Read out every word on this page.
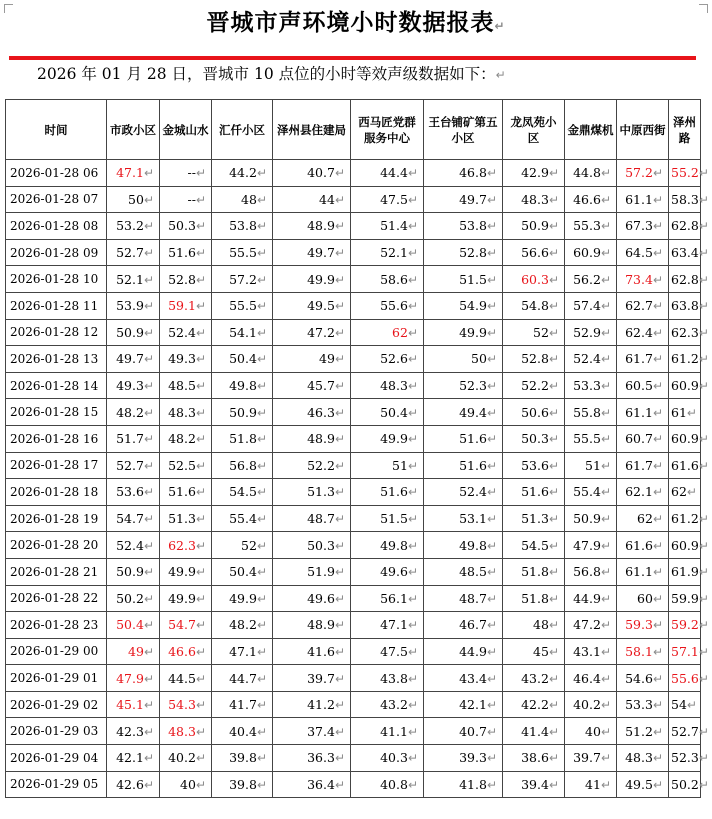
晋城市声环境小时数据报表↵
2026 年 01 月 28 日，晋城市 10 点位的小时等效声级数据如下：↵
时间	市政小区	金城山水	汇仟小区	泽州县住建局	西马匠党群服务中心	王台铺矿第五小区	龙凤苑小区	金鼎煤机	中原西街	泽州路
2026-01-28 06	47.1↵	--↵	44.2↵	40.7↵	44.4↵	46.8↵	42.9↵	44.8↵	57.2↵	55.2↵
2026-01-28 07	50↵	--↵	48↵	44↵	47.5↵	49.7↵	48.3↵	46.6↵	61.1↵	58.3↵
2026-01-28 08	53.2↵	50.3↵	53.8↵	48.9↵	51.4↵	53.8↵	50.9↵	55.3↵	67.3↵	62.8↵
2026-01-28 09	52.7↵	51.6↵	55.5↵	49.7↵	52.1↵	52.8↵	56.6↵	60.9↵	64.5↵	63.4↵
2026-01-28 10	52.1↵	52.8↵	57.2↵	49.9↵	58.6↵	51.5↵	60.3↵	56.2↵	73.4↵	62.8↵
2026-01-28 11	53.9↵	59.1↵	55.5↵	49.5↵	55.6↵	54.9↵	54.8↵	57.4↵	62.7↵	63.8↵
2026-01-28 12	50.9↵	52.4↵	54.1↵	47.2↵	62↵	49.9↵	52↵	52.9↵	62.4↵	62.3↵
2026-01-28 13	49.7↵	49.3↵	50.4↵	49↵	52.6↵	50↵	52.8↵	52.4↵	61.7↵	61.2↵
2026-01-28 14	49.3↵	48.5↵	49.8↵	45.7↵	48.3↵	52.3↵	52.2↵	53.3↵	60.5↵	60.9↵
2026-01-28 15	48.2↵	48.3↵	50.9↵	46.3↵	50.4↵	49.4↵	50.6↵	55.8↵	61.1↵	61↵
2026-01-28 16	51.7↵	48.2↵	51.8↵	48.9↵	49.9↵	51.6↵	50.3↵	55.5↵	60.7↵	60.9↵
2026-01-28 17	52.7↵	52.5↵	56.8↵	52.2↵	51↵	51.6↵	53.6↵	51↵	61.7↵	61.6↵
2026-01-28 18	53.6↵	51.6↵	54.5↵	51.3↵	51.6↵	52.4↵	51.6↵	55.4↵	62.1↵	62↵
2026-01-28 19	54.7↵	51.3↵	55.4↵	48.7↵	51.5↵	53.1↵	51.3↵	50.9↵	62↵	61.2↵
2026-01-28 20	52.4↵	62.3↵	52↵	50.3↵	49.8↵	49.8↵	54.5↵	47.9↵	61.6↵	60.9↵
2026-01-28 21	50.9↵	49.9↵	50.4↵	51.9↵	49.6↵	48.5↵	51.8↵	56.8↵	61.1↵	61.9↵
2026-01-28 22	50.2↵	49.9↵	49.9↵	49.6↵	56.1↵	48.7↵	51.8↵	44.9↵	60↵	59.9↵
2026-01-28 23	50.4↵	54.7↵	48.2↵	48.9↵	47.1↵	46.7↵	48↵	47.2↵	59.3↵	59.2↵
2026-01-29 00	49↵	46.6↵	47.1↵	41.6↵	47.5↵	44.9↵	45↵	43.1↵	58.1↵	57.1↵
2026-01-29 01	47.9↵	44.5↵	44.7↵	39.7↵	43.8↵	43.4↵	43.2↵	46.4↵	54.6↵	55.6↵
2026-01-29 02	45.1↵	54.3↵	41.7↵	41.2↵	43.2↵	42.1↵	42.2↵	40.2↵	53.3↵	54↵
2026-01-29 03	42.3↵	48.3↵	40.4↵	37.4↵	41.1↵	40.7↵	41.4↵	40↵	51.2↵	52.7↵
2026-01-29 04	42.1↵	40.2↵	39.8↵	36.3↵	40.3↵	39.3↵	38.6↵	39.7↵	48.3↵	52.3↵
2026-01-29 05	42.6↵	40↵	39.8↵	36.4↵	40.8↵	41.8↵	39.4↵	41↵	49.5↵	50.2↵
